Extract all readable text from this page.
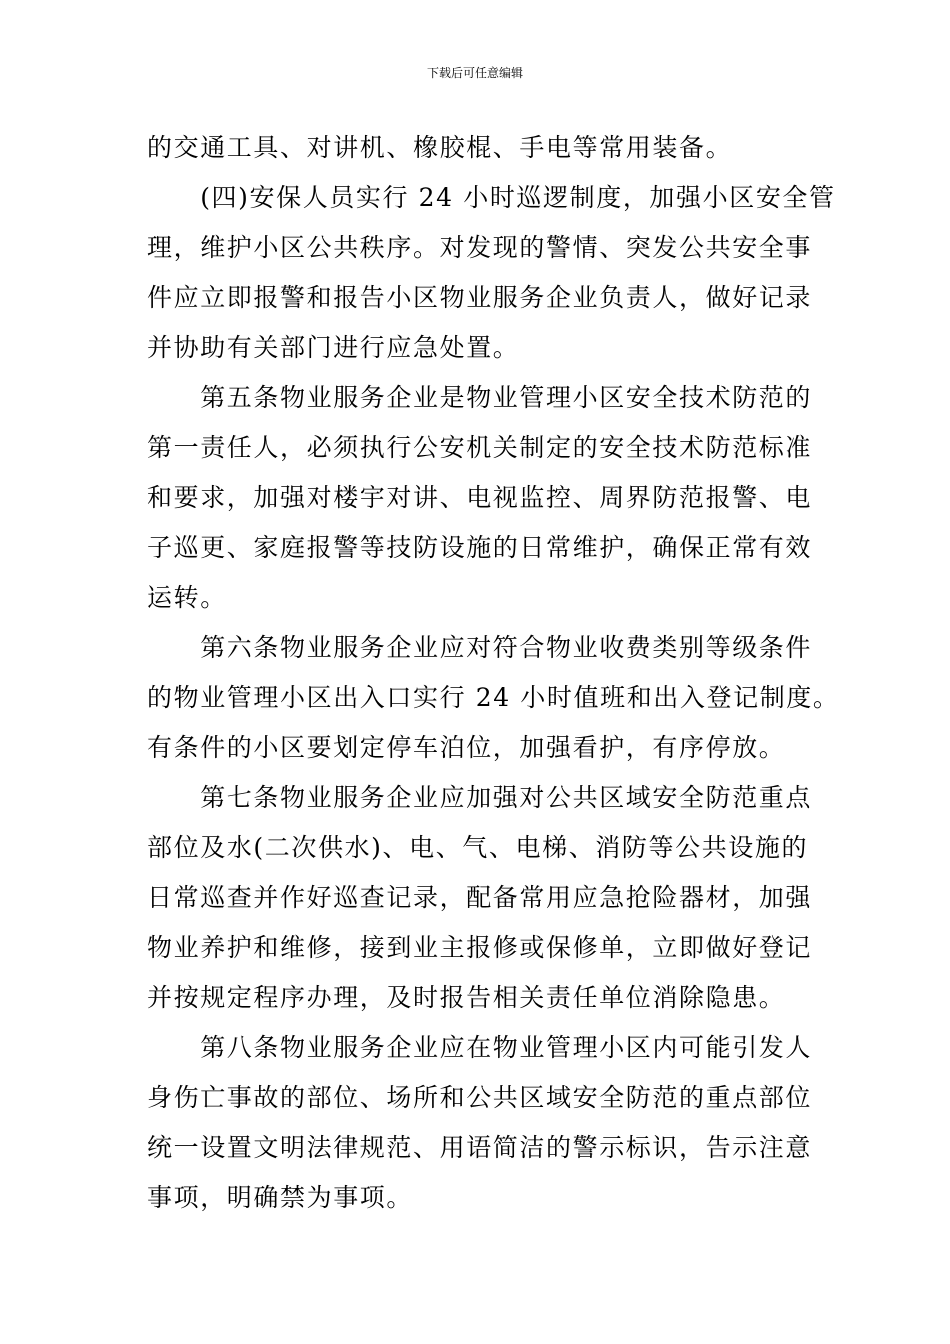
下载后可任意编辑
的交通工具、对讲机、橡胶棍、手电等常用装备。
　　(四)安保人员实行 24 小时巡逻制度，加强小区安全管
理，维护小区公共秩序。对发现的警情、突发公共安全事
件应立即报警和报告小区物业服务企业负责人，做好记录
并协助有关部门进行应急处置。
　　第五条物业服务企业是物业管理小区安全技术防范的
第一责任人，必须执行公安机关制定的安全技术防范标准
和要求，加强对楼宇对讲、电视监控、周界防范报警、电
子巡更、家庭报警等技防设施的日常维护，确保正常有效
运转。
　　第六条物业服务企业应对符合物业收费类别等级条件
的物业管理小区出入口实行 24 小时值班和出入登记制度。
有条件的小区要划定停车泊位，加强看护，有序停放。
　　第七条物业服务企业应加强对公共区域安全防范重点
部位及水(二次供水)、电、气、电梯、消防等公共设施的
日常巡查并作好巡查记录，配备常用应急抢险器材，加强
物业养护和维修，接到业主报修或保修单，立即做好登记
并按规定程序办理，及时报告相关责任单位消除隐患。
　　第八条物业服务企业应在物业管理小区内可能引发人
身伤亡事故的部位、场所和公共区域安全防范的重点部位
统一设置文明法律规范、用语简洁的警示标识，告示注意
事项，明确禁为事项。
